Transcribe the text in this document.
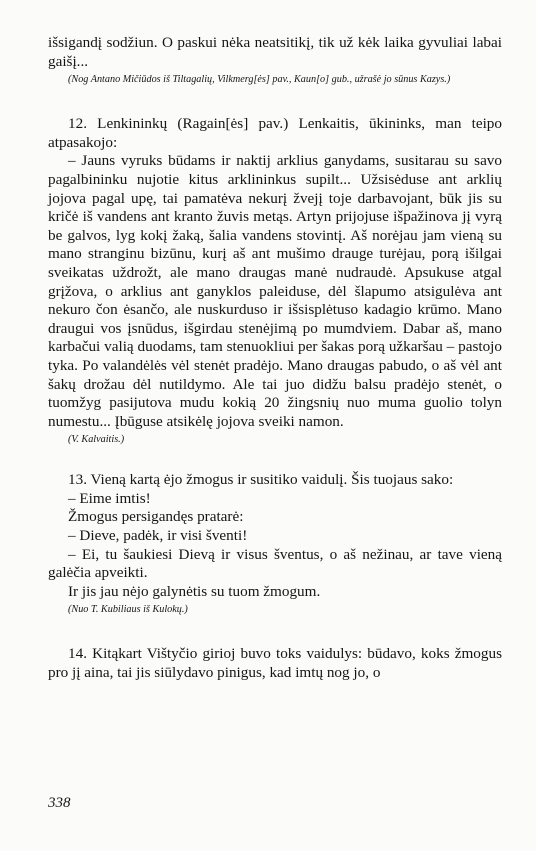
išsigandį sodžiun. O paskui nėka neatsitikį, tik už kėk laika gyvuliai labai gaišį...

(Nog Antano Mičiūdos iš Tiltagalių, Vilkmerg[ės] pav., Kaun[o] gub., užrašė jo sūnus Kazys.)

12. Lenkininkų (Ragain[ės] pav.) Lenkaitis, ūkininks, man teipo atpasakojo:

– Jauns vyruks būdams ir naktij arklius ganydams, susitarau su savo pagalbininku nujotie kitus arklininkus supilt... Užsisėduse ant arklių jojova pagal upę, tai pamatėva nekurį žvejį toje darbavojant, būk jis su kričė iš vandens ant kranto žuvis metąs. Artyn prijojuse išpažinova jį vyrą be galvos, lyg kokį žaką, šalia vandens stovintį. Aš norėjau jam vieną su mano stranginu bizūnu, kurį aš ant mušimo drauge turėjau, porą išilgai sveikatas uždrožt, ale mano draugas manė nudraudė. Apsukuse atgal grįžova, o arklius ant ganyklos paleiduse, dėl šlapumo atsigulėva ant nekuro čon ėsančo, ale nuskurduso ir išsisplėtuso kadagio krūmo. Mano draugui vos įsnūdus, išgirdau stenėjimą po mumdviem. Dabar aš, mano karbačui valią duodams, tam stenuokliui per šakas porą užkaršau – pastojo tyka. Po valandėlės vėl stenėt pradėjo. Mano draugas pabudo, o aš vėl ant šakų drožau dėl nutildymo. Ale tai juo didžu balsu pradėjo stenėt, o tuomžyg pasijutova mudu kokią 20 žingsnių nuo muma guolio tolyn numestu... Įbūguse atsikėlę jojova sveiki namon.

(V. Kalvaitis.)

13. Vieną kartą ėjo žmogus ir susitiko vaidulį. Šis tuojaus sako:

– Eime imtis!

Žmogus persigandęs pratarė:

– Dieve, padėk, ir visi šventi!

– Ei, tu šaukiesi Dievą ir visus šventus, o aš nežinau, ar tave vieną galėčia apveikti.

Ir jis jau nėjo galynėtis su tuom žmogum.

(Nuo T. Kubiliaus iš Kulokų.)

14. Kitąkart Vištyčio girioj buvo toks vaidulys: būdavo, koks žmogus pro jį aina, tai jis siūlydavo pinigus, kad imtų nog jo, o

338
